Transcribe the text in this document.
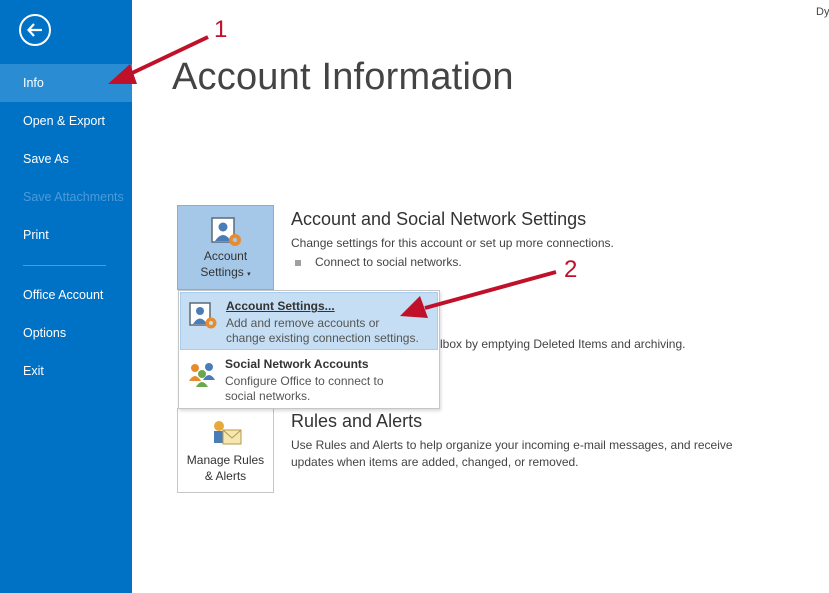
Info
Open & Export
Save As
Save Attachments
Print
Office Account
Options
Exit
Dy
Account Information
Account
Settings ▾
Account and Social Network Settings
Change settings for this account or set up more connections.
Connect to social networks.
lbox by emptying Deleted Items and archiving.
Manage Rules
& Alerts
Rules and Alerts
Use Rules and Alerts to help organize your incoming e-mail messages, and receive
updates when items are added, changed, or removed.
Account Settings...
Add and remove accounts or
change existing connection settings.
Social Network Accounts
Configure Office to connect to
social networks.
1
2
